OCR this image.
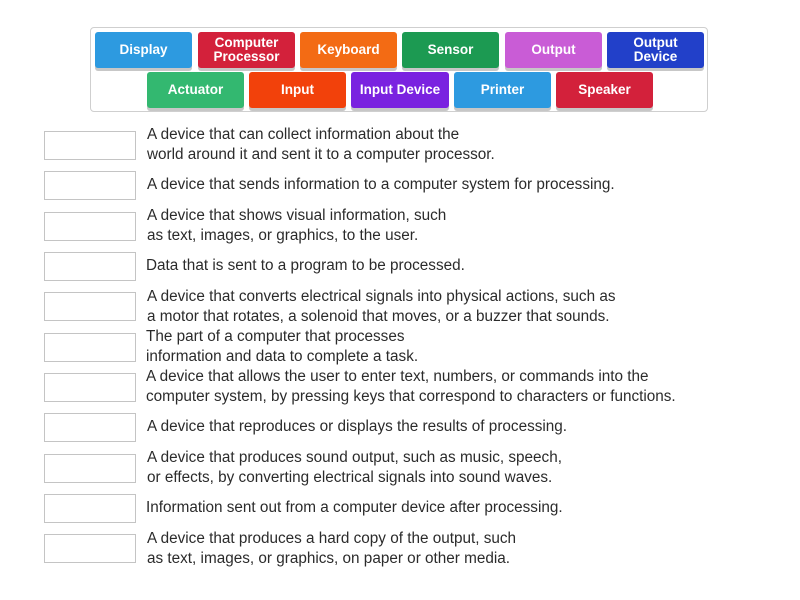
Display	Computer
Processor	Keyboard	Sensor	Output	Output
Device
Actuator	Input	Input Device	Printer	Speaker
A device that can collect information about the
world around it and sent it to a computer processor.
A device that sends information to a computer system for processing.
A device that shows visual information, such
as text, images, or graphics, to the user.
Data that is sent to a program to be processed.
A device that converts electrical signals into physical actions, such as
a motor that rotates, a solenoid that moves, or a buzzer that sounds.
The part of a computer that processes
information and data to complete a task.
A device that allows the user to enter text, numbers, or commands into the
computer system, by pressing keys that correspond to characters or functions.
A device that reproduces or displays the results of processing.
A device that produces sound output, such as music, speech,
or effects, by converting electrical signals into sound waves.
Information sent out from a computer device after processing.
A device that produces a hard copy of the output, such
as text, images, or graphics, on paper or other media.
